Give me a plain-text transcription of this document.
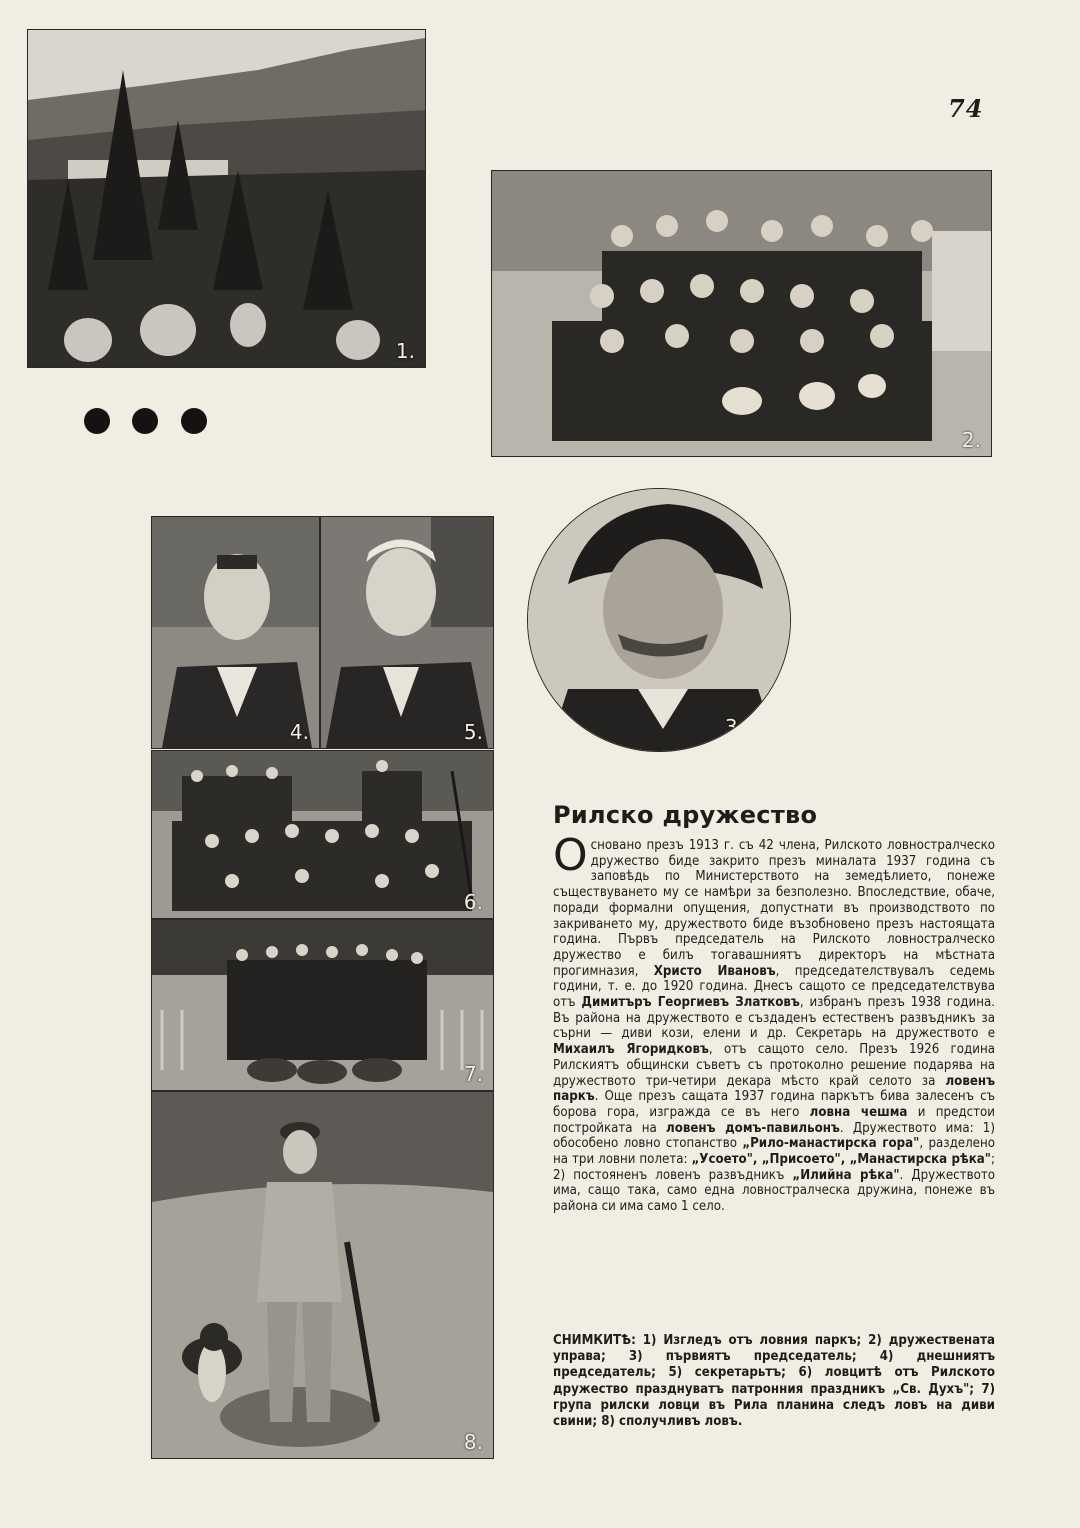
74
1.
2.
4.	5.	3.
6.
7.
8.
Рилско дружество

Основано презъ 1913 г. съ 42 члена, Рилското ловностралческо дружество биде закрито презъ миналата 1937 година съ заповѣдь по Министерството на земедѣлието, понеже съществуването му се намѣри за безполезно. Впоследствие, обаче, поради формални опущения, допустнати въ производството по закриването му, дружеството биде възобновено презъ настоящата година. Първъ председатель на Рилското ловностралческо дружество е билъ тогавашниятъ директоръ на мѣстната прогимназия, Христо Ивановъ, председателствувалъ седемь години, т. е. до 1920 година. Днесъ сащото се председателствува отъ Димитъръ Георгиевъ Златковъ, избранъ презъ 1938 година. Въ района на дружеството е създаденъ естественъ развъдникъ за сърни — диви кози, елени и др. Секретарь на дружеството е Михаилъ Ягоридковъ, отъ сащото село. Презъ 1926 година Рилскиятъ общински съветъ съ протоколно решение подарява на дружеството три-четири декара мѣсто край селото за ловенъ паркъ. Още презъ сащата 1937 година паркътъ бива залесенъ съ борова гора, изгражда се въ него ловна чешма и предстои постройката на ловенъ домъ-павильонъ. Дружеството има: 1) обособено ловно стопанство „Рило-манастирска гора", разделено на три ловни полета: „Усоето", „Присоето", „Манастирска рѣка"; 2) постояненъ ловенъ развъдникъ „Илийна рѣка". Дружеството има, сащо така, само една ловностралческа дружина, понеже въ района си има само 1 село.

СНИМКИТѢ: 1) Изгледъ отъ ловния паркъ; 2) дружествената управа; 3) първиятъ председатель; 4) днешниятъ председатель; 5) секретарьтъ; 6) ловцитѣ отъ Рилското дружество празднуватъ патронния праздникъ „Св. Духъ"; 7) група рилски ловци въ Рила планина следъ ловъ на диви свини; 8) сполучливъ ловъ.
